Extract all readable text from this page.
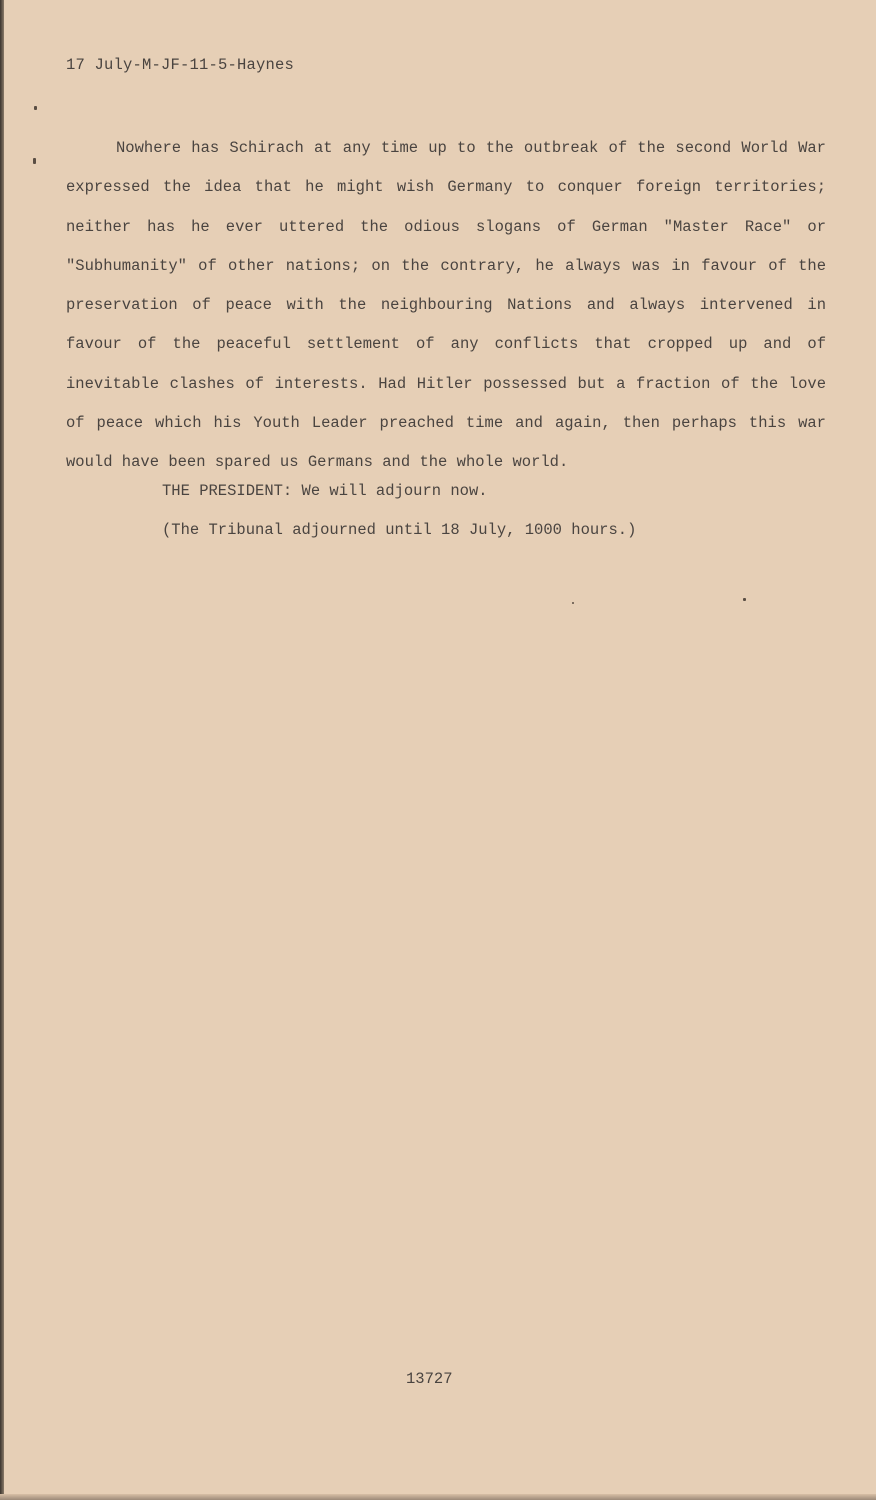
17 July-M-JF-11-5-Haynes

Nowhere has Schirach at any time up to the outbreak of the second World War expressed the idea that he might wish Germany to conquer foreign territories; neither has he ever uttered the odious slogans of German "Master Race" or "Subhumanity" of other nations; on the contrary, he always was in favour of the preservation of peace with the neighbouring Nations and always intervened in favour of the peaceful settlement of any conflicts that cropped up and of inevitable clashes of interests. Had Hitler possessed but a fraction of the love of peace which his Youth Leader preached time and again, then perhaps this war would have been spared us Germans and the whole world.

THE PRESIDENT: We will adjourn now.

(The Tribunal adjourned until 18 July, 1000 hours.)

13727
